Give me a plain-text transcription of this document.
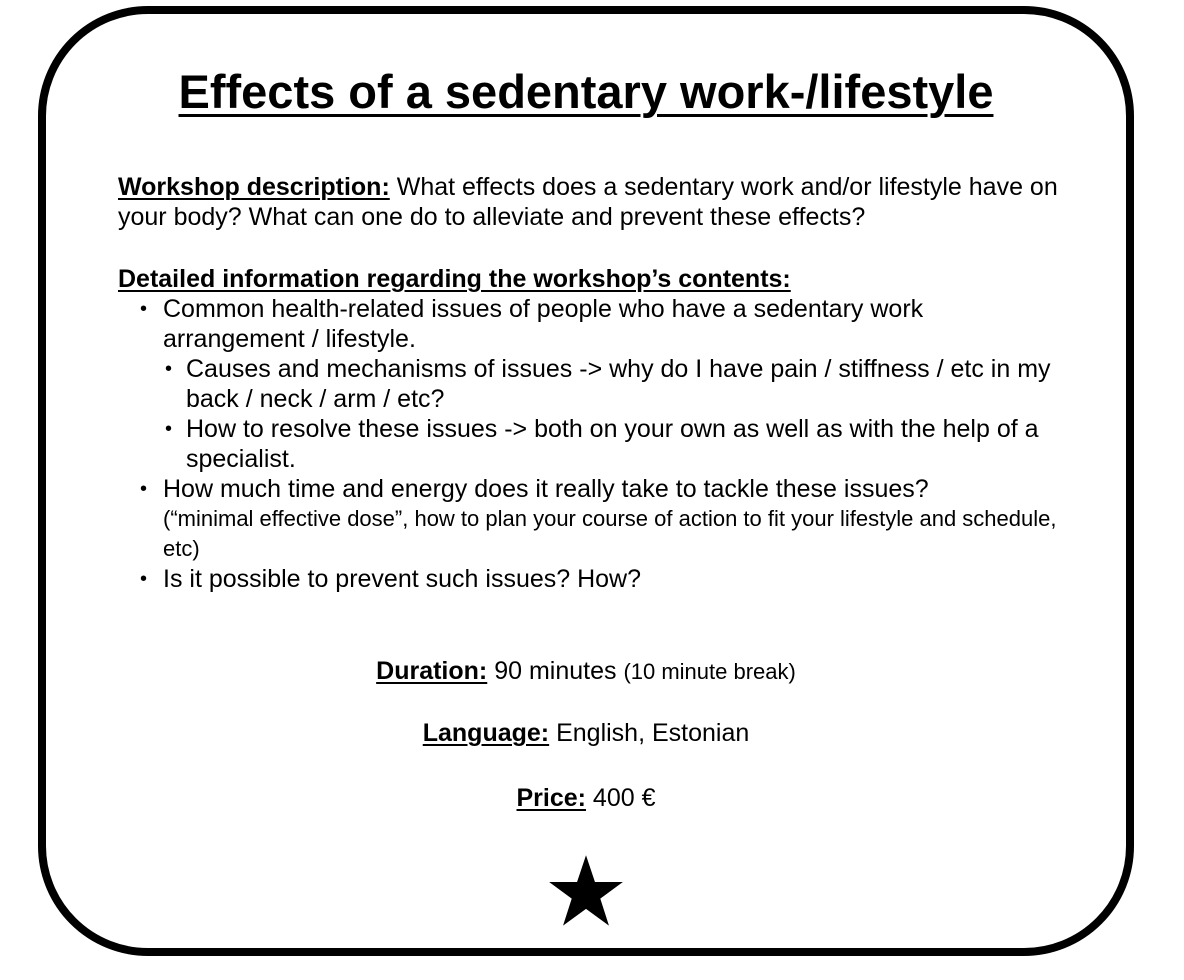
Effects of a sedentary work-/lifestyle

Workshop description: What effects does a sedentary work and/or lifestyle have on your body? What can one do to alleviate and prevent these effects?

Detailed information regarding the workshop’s contents:

• Common health-related issues of people who have a sedentary work arrangement / lifestyle.
• Causes and mechanisms of issues -> why do I have pain / stiffness / etc in my back / neck / arm / etc?
• How to resolve these issues -> both on your own as well as with the help of a specialist.
• How much time and energy does it really take to tackle these issues?
(“minimal effective dose”, how to plan your course of action to fit your lifestyle and schedule, etc)
• Is it possible to prevent such issues? How?
Duration: 90 minutes (10 minute break)
Language: English, Estonian
Price: 400 €
